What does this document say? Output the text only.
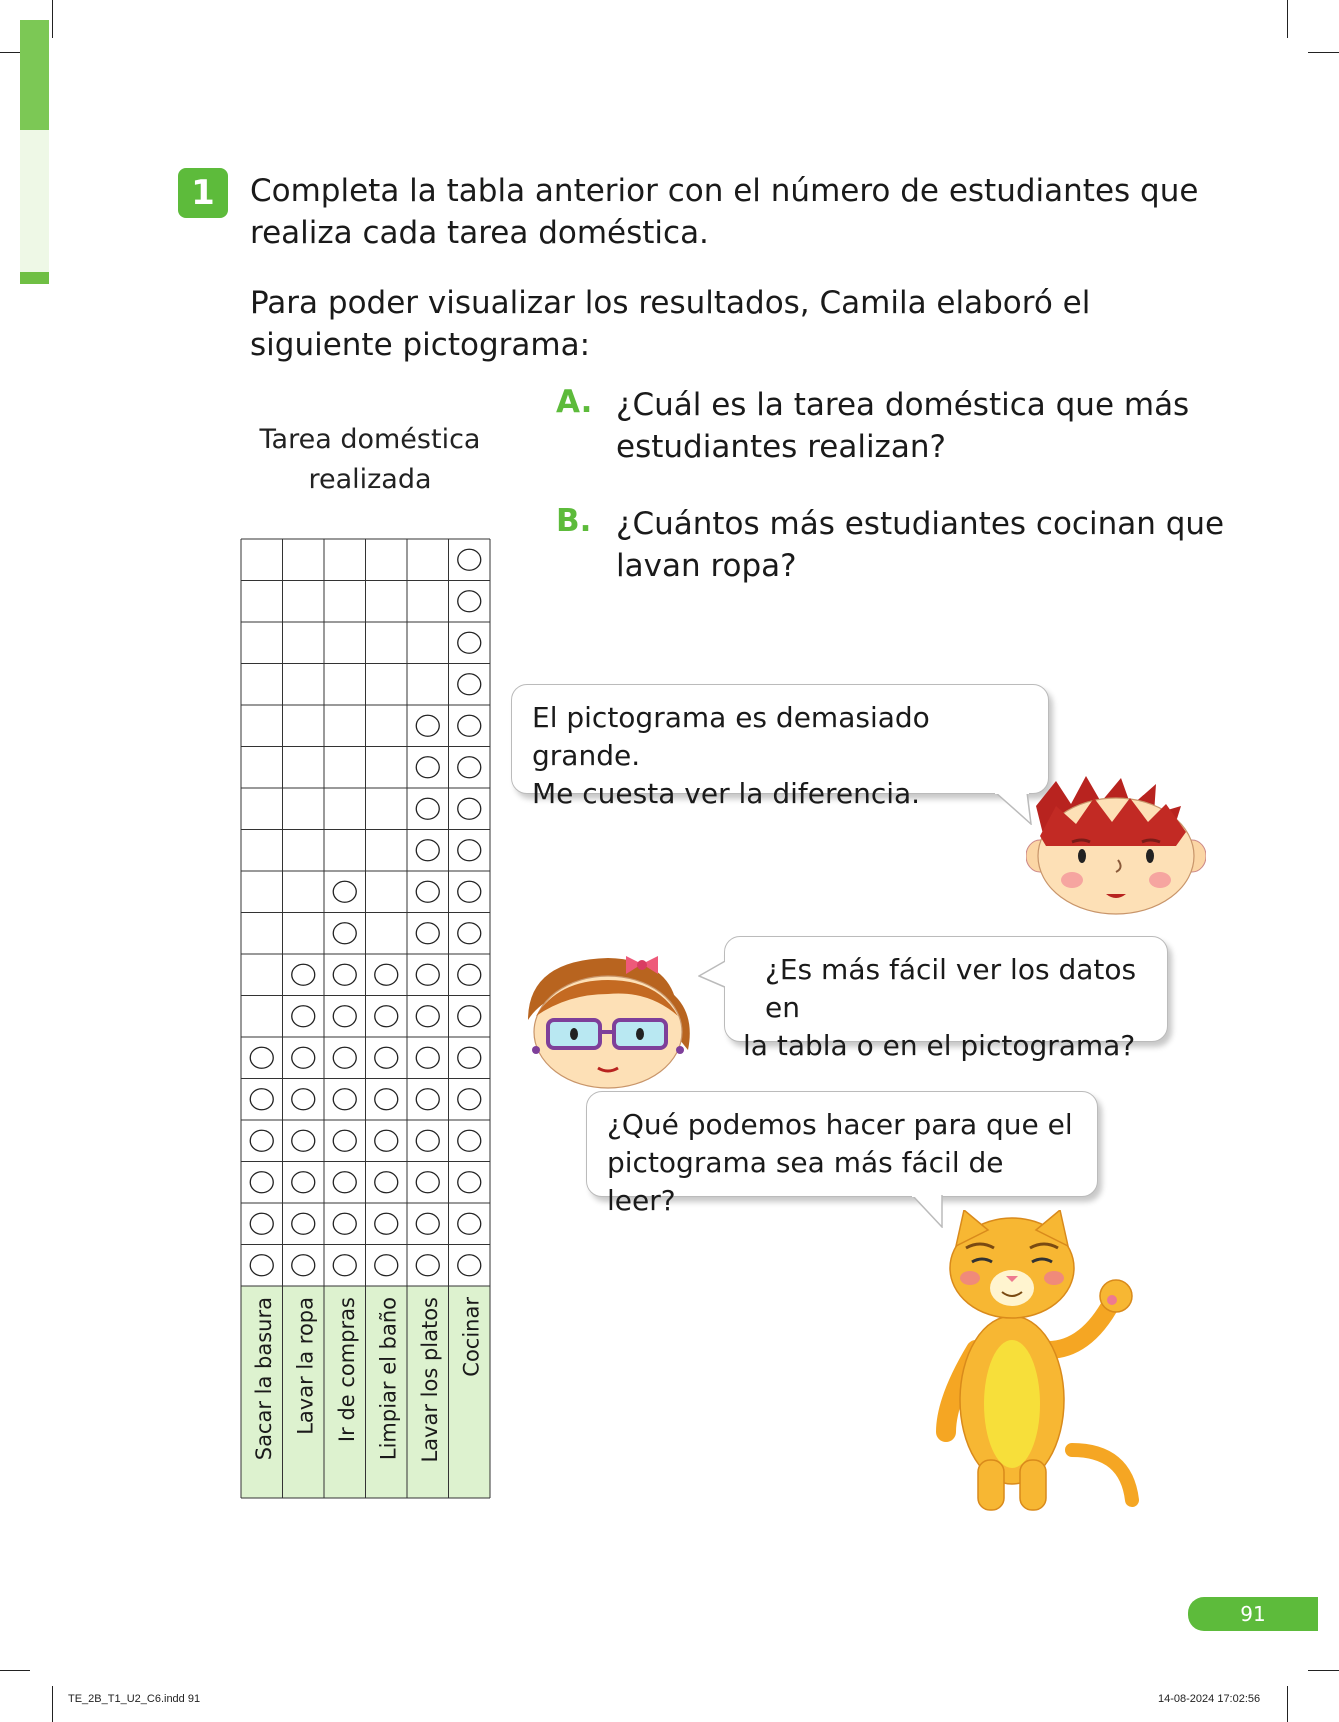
1	Completa la tabla anterior con el número de estudiantes que

realiza cada tarea doméstica.

Para poder visualizar los resultados, Camila elaboró el

siguiente pictograma:

A. ¿Cuál es la tarea doméstica que más

estudiantes realizan?

B. ¿Cuántos más estudiantes cocinan que

lavan ropa?

Tarea doméstica
realizada
Sacar la basura Lavar la ropa Ir de compras Limpiar el baño Lavar los platos Cocinar
El pictograma es demasiado grande.
Me cuesta ver la diferencia.
¿Es más fácil ver los datos en
la tabla o en el pictograma?
¿Qué podemos hacer para que el
pictograma sea más fácil de leer?
91
TE_2B_T1_U2_C6.indd 91	14-08-2024 17:02:56
